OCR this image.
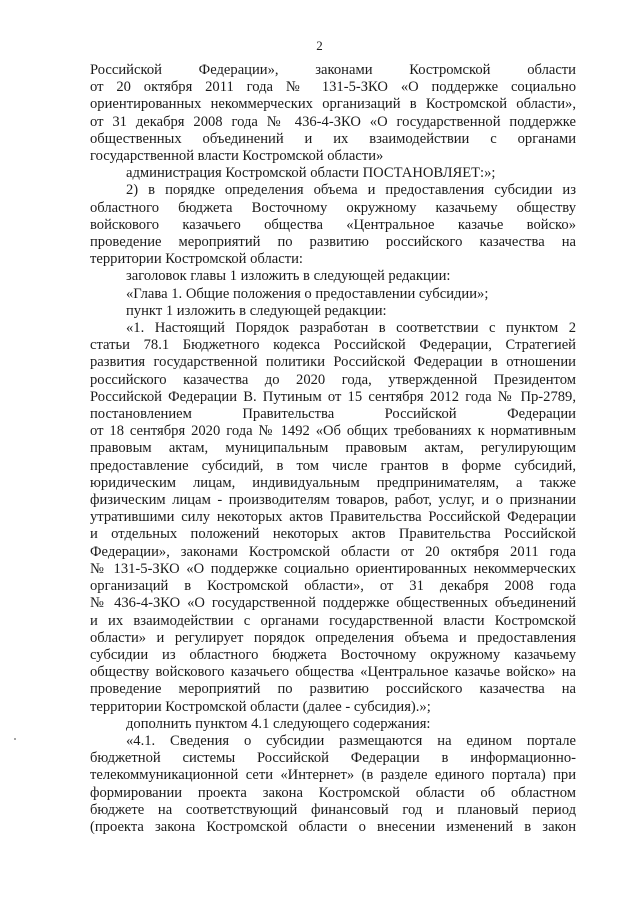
2

Российской Федерации», законами Костромской области

от 20 октября 2011 года № 131-5-ЗКО «О поддержке социально

ориентированных некоммерческих организаций в Костромской области»,

от 31 декабря 2008 года № 436-4-ЗКО «О государственной поддержке

общественных объединений и их взаимодействии с органами

государственной власти Костромской области»

администрация Костромской области ПОСТАНОВЛЯЕТ:»;

2) в порядке определения объема и предоставления субсидии из

областного бюджета Восточному окружному казачьему обществу

войскового казачьего общества «Центральное казачье войско»

проведение мероприятий по развитию российского казачества на

территории Костромской области:

заголовок главы 1 изложить в следующей редакции:

«Глава 1. Общие положения о предоставлении субсидии»;

пункт 1 изложить в следующей редакции:

«1. Настоящий Порядок разработан в соответствии с пунктом 2

статьи 78.1 Бюджетного кодекса Российской Федерации, Стратегией

развития государственной политики Российской Федерации в отношении

российского казачества до 2020 года, утвержденной Президентом

Российской Федерации В. Путиным от 15 сентября 2012 года № Пр-2789,

постановлением Правительства Российской Федерации

от 18 сентября 2020 года № 1492 «Об общих требованиях к нормативным

правовым актам, муниципальным правовым актам, регулирующим

предоставление субсидий, в том числе грантов в форме субсидий,

юридическим лицам, индивидуальным предпринимателям, а также

физическим лицам - производителям товаров, работ, услуг, и о признании

утратившими силу некоторых актов Правительства Российской Федерации

и отдельных положений некоторых актов Правительства Российской

Федерации», законами Костромской области от 20 октября 2011 года

№ 131-5-ЗКО «О поддержке социально ориентированных некоммерческих

организаций в Костромской области», от 31 декабря 2008 года

№ 436-4-ЗКО «О государственной поддержке общественных объединений

и их взаимодействии с органами государственной власти Костромской

области» и регулирует порядок определения объема и предоставления

субсидии из областного бюджета Восточному окружному казачьему

обществу войскового казачьего общества «Центральное казачье войско» на

проведение мероприятий по развитию российского казачества на

территории Костромской области (далее - субсидия).»;

дополнить пунктом 4.1 следующего содержания:

«4.1. Сведения о субсидии размещаются на едином портале

бюджетной системы Российской Федерации в информационно-

телекоммуникационной сети «Интернет» (в разделе единого портала) при

формировании проекта закона Костромской области об областном

бюджете на соответствующий финансовый год и плановый период

(проекта закона Костромской области о внесении изменений в закон
